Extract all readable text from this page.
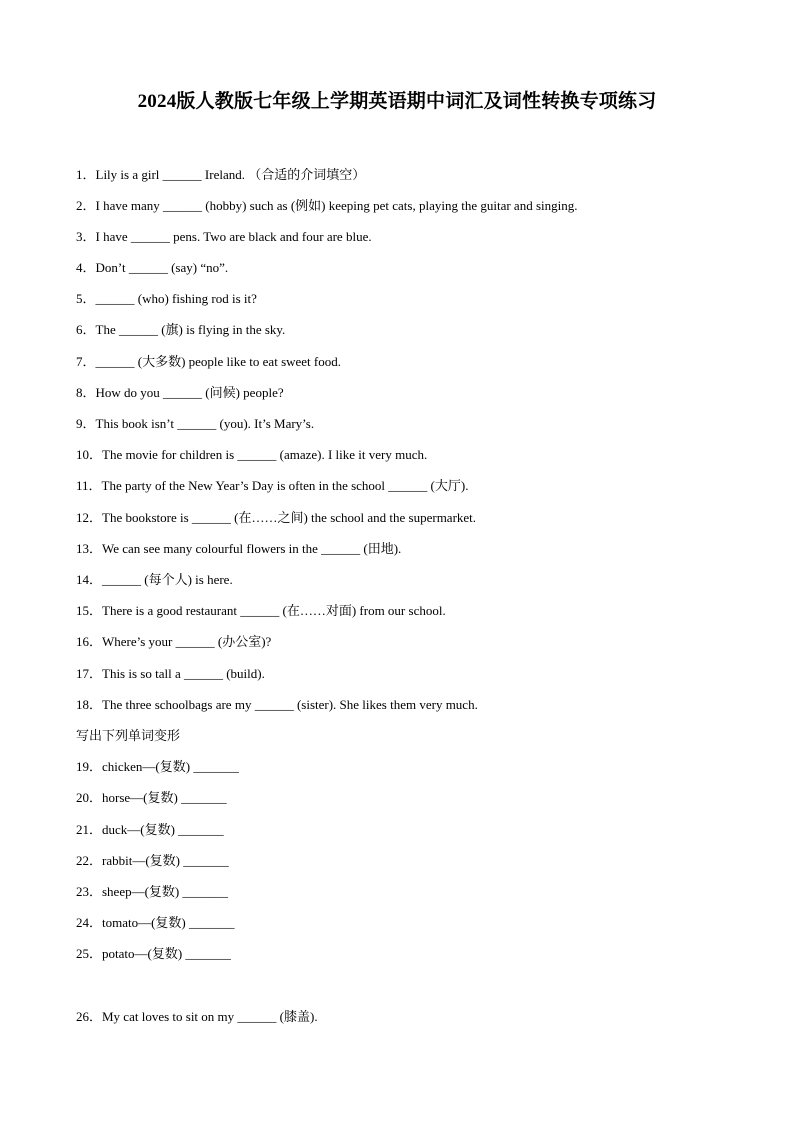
2024版人教版七年级上学期英语期中词汇及词性转换专项练习
1．Lily is a girl ______ Ireland. （合适的介词填空）
2．I have many ______ (hobby) such as (例如) keeping pet cats, playing the guitar and singing.
3．I have ______ pens. Two are black and four are blue.
4．Don’t ______ (say) “no”.
5．______ (who) fishing rod is it?
6．The ______ (旗) is flying in the sky.
7．______ (大多数) people like to eat sweet food.
8．How do you ______ (问候) people?
9．This book isn’t ______ (you). It’s Mary’s.
10．The movie for children is ______ (amaze). I like it very much.
11．The party of the New Year’s Day is often in the school ______ (大厅).
12．The bookstore is ______ (在……之间) the school and the supermarket.
13．We can see many colourful flowers in the ______ (田地).
14．______ (每个人) is here.
15．There is a good restaurant ______ (在……对面) from our school.
16．Where’s your ______ (办公室)?
17．This is so tall a ______ (build).
18．The three schoolbags are my ______ (sister). She likes them very much.
写出下列单词变形
19．chicken—(复数) _______
20．horse—(复数) _______
21．duck—(复数) _______
22．rabbit—(复数) _______
23．sheep—(复数) _______
24．tomato—(复数) _______
25．potato—(复数) _______
26．My cat loves to sit on my ______ (膝盖).
